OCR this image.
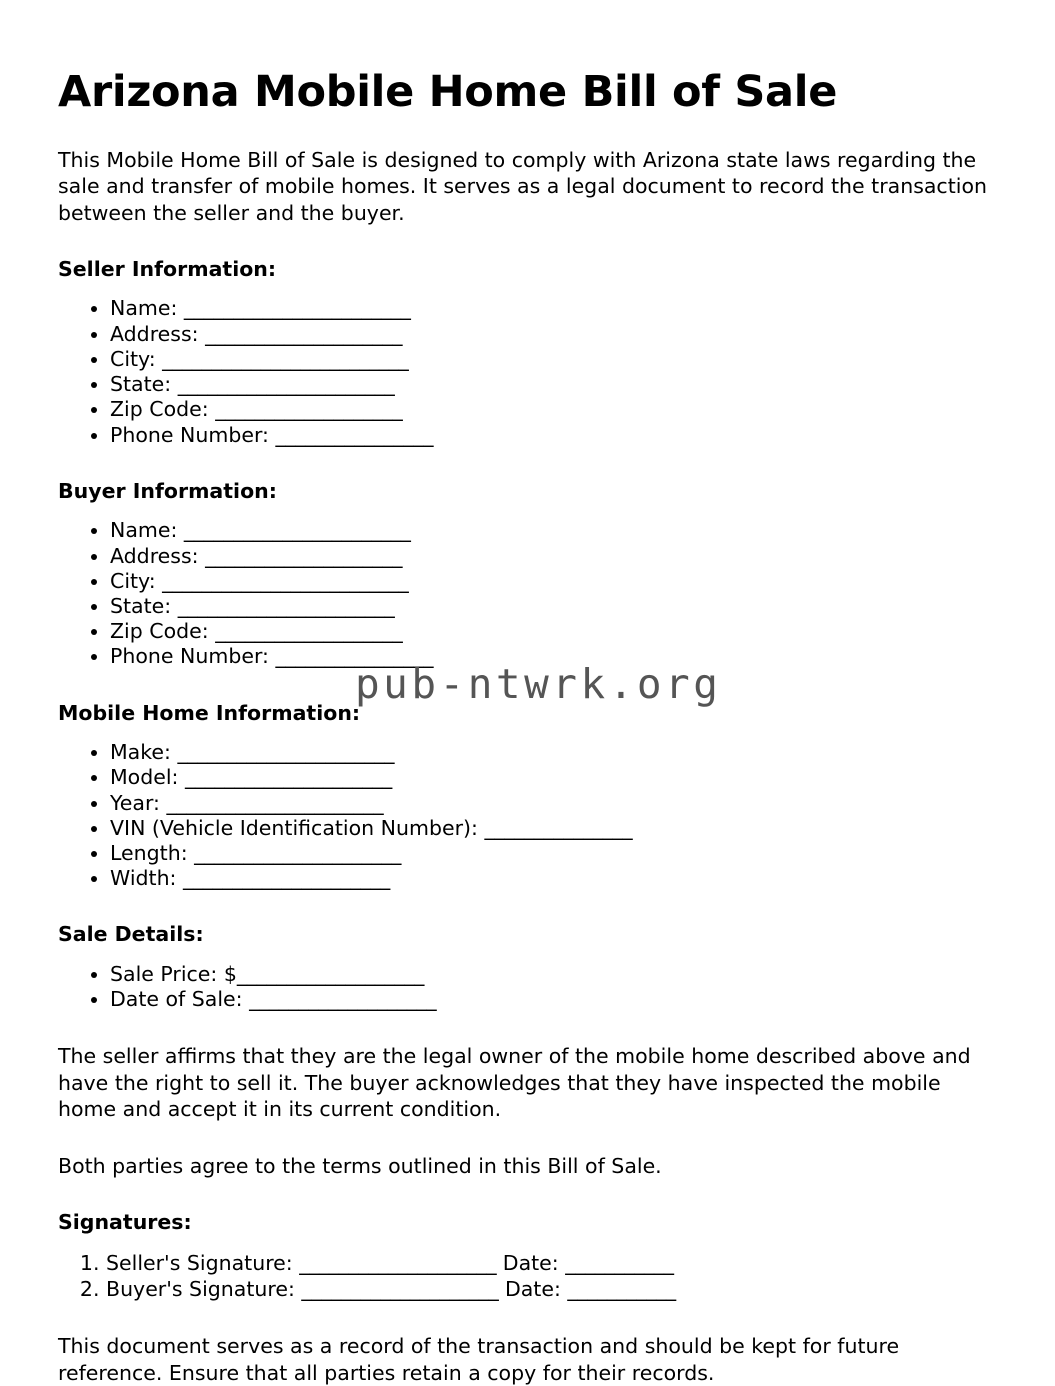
Arizona Mobile Home Bill of Sale

This Mobile Home Bill of Sale is designed to comply with Arizona state laws regarding the sale and transfer of mobile homes. It serves as a legal document to record the transaction between the seller and the buyer.

Seller Information:
• Name: _______________________
• Address: ____________________
• City: _________________________
• State: ______________________
• Zip Code: ___________________
• Phone Number: ________________
Buyer Information:
• Name: _______________________
• Address: ____________________
• City: _________________________
• State: ______________________
• Zip Code: ___________________
• Phone Number: ________________
Mobile Home Information:
• Make: ______________________
• Model: _____________________
• Year: ______________________
• VIN (Vehicle Identification Number): _______________
• Length: _____________________
• Width: _____________________
Sale Details:
• Sale Price: $___________________
• Date of Sale: ___________________

The seller affirms that they are the legal owner of the mobile home described above and have the right to sell it. The buyer acknowledges that they have inspected the mobile home and accept it in its current condition.

Both parties agree to the terms outlined in this Bill of Sale.

Signatures:
1. Seller's Signature: ____________________ Date: ___________
2. Buyer's Signature: ____________________ Date: ___________

This document serves as a record of the transaction and should be kept for future reference. Ensure that all parties retain a copy for their records.

pub-ntwrk.org
